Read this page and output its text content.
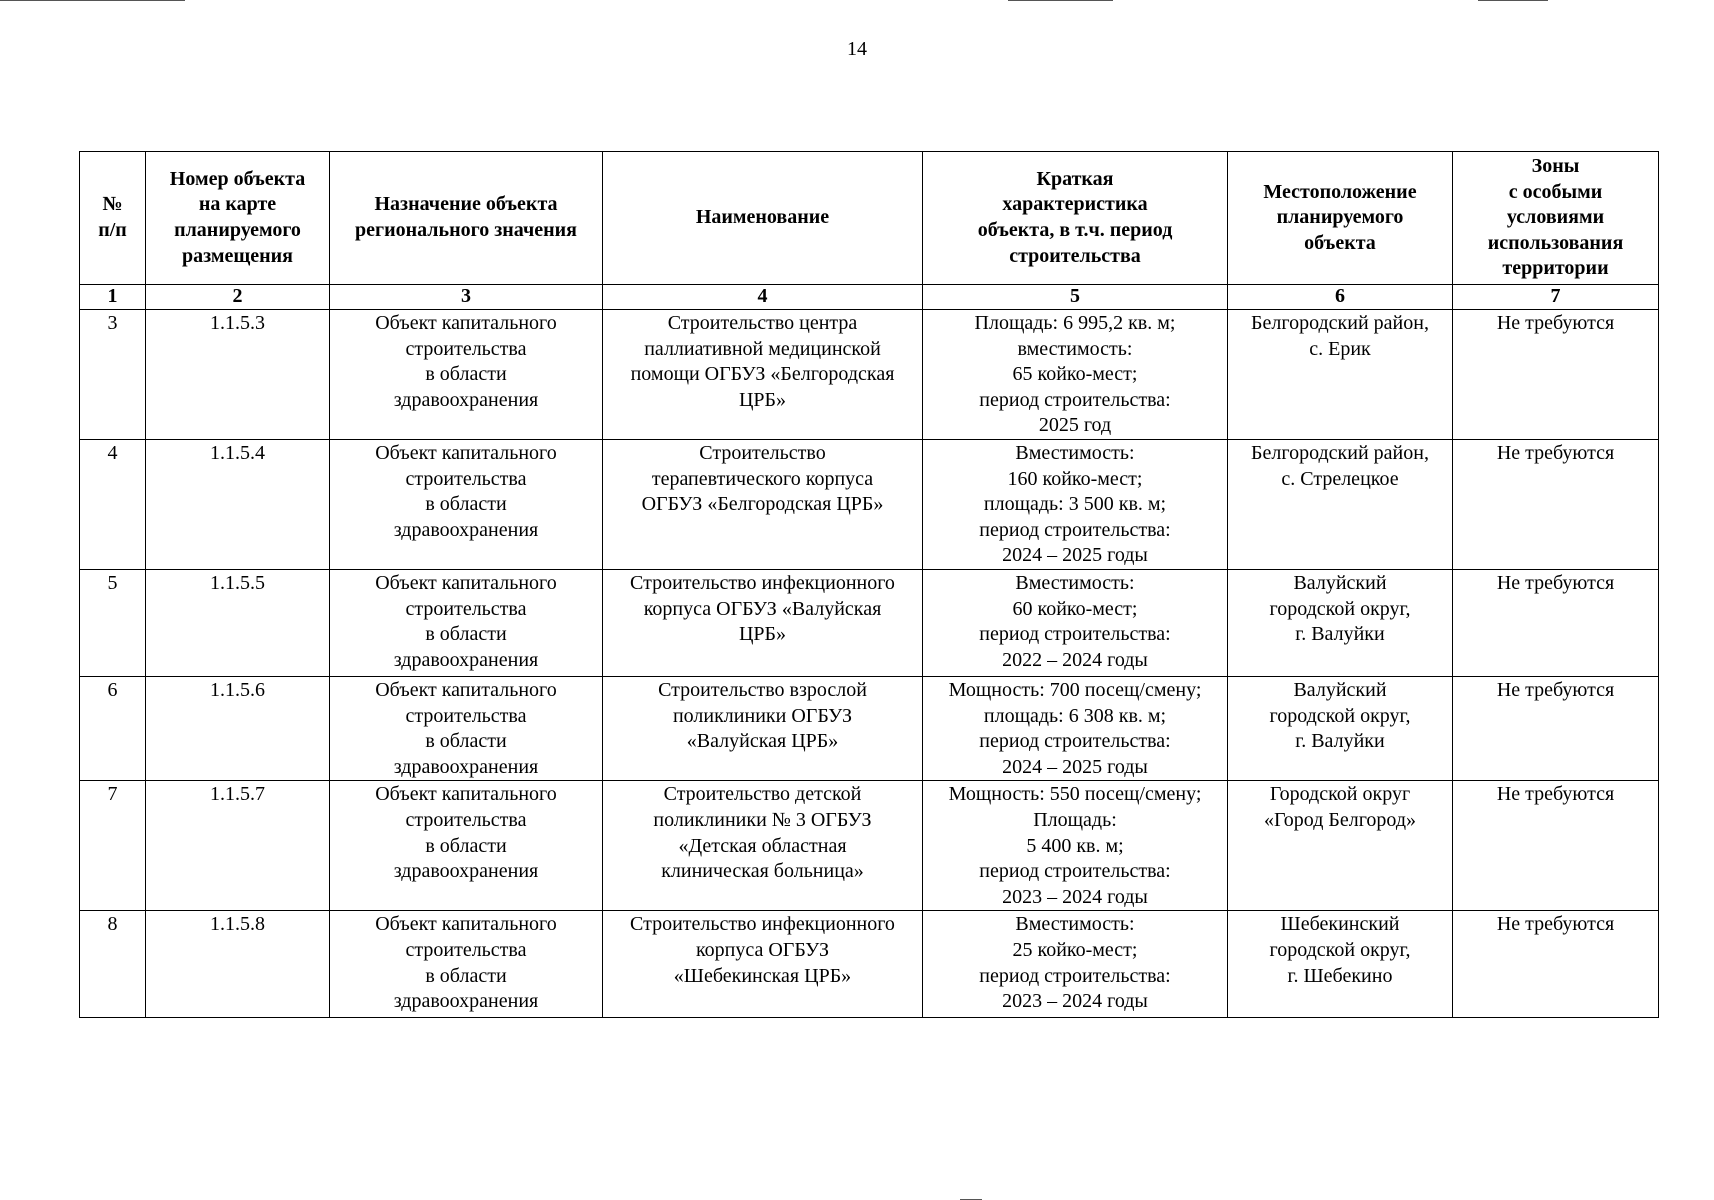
14
№
п/п	Номер объекта
на карте
планируемого
размещения	Назначение объекта
регионального значения	Наименование	Краткая
характеристика
объекта, в т.ч. период
строительства	Местоположение
планируемого
объекта	Зоны
с особыми
условиями
использования
территории
1	2	3	4	5	6	7
3	1.1.5.3	Объект капитального
строительства
в области
здравоохранения	Строительство центра
паллиативной медицинской
помощи ОГБУЗ «Белгородская
ЦРБ»	Площадь: 6 995,2 кв. м;
вместимость:
65 койко-мест;
период строительства:
2025 год	Белгородский район,
с. Ерик	Не требуются
4	1.1.5.4	Объект капитального
строительства
в области
здравоохранения	Строительство
терапевтического корпуса
ОГБУЗ «Белгородская ЦРБ»	Вместимость:
160 койко-мест;
площадь: 3 500 кв. м;
период строительства:
2024 – 2025 годы	Белгородский район,
с. Стрелецкое	Не требуются
5	1.1.5.5	Объект капитального
строительства
в области
здравоохранения	Строительство инфекционного
корпуса ОГБУЗ «Валуйская
ЦРБ»	Вместимость:
60 койко-мест;
период строительства:
2022 – 2024 годы	Валуйский
городской округ,
г. Валуйки	Не требуются
6	1.1.5.6	Объект капитального
строительства
в области
здравоохранения	Строительство взрослой
поликлиники ОГБУЗ
«Валуйская ЦРБ»	Мощность: 700 посещ/смену;
площадь: 6 308 кв. м;
период строительства:
2024 – 2025 годы	Валуйский
городской округ,
г. Валуйки	Не требуются
7	1.1.5.7	Объект капитального
строительства
в области
здравоохранения	Строительство детской
поликлиники № 3 ОГБУЗ
«Детская областная
клиническая больница»	Мощность: 550 посещ/смену;
Площадь:
5 400 кв. м;
период строительства:
2023 – 2024 годы	Городской округ
«Город Белгород»	Не требуются
8	1.1.5.8	Объект капитального
строительства
в области
здравоохранения	Строительство инфекционного
корпуса ОГБУЗ
«Шебекинская ЦРБ»	Вместимость:
25 койко-мест;
период строительства:
2023 – 2024 годы	Шебекинский
городской округ,
г. Шебекино	Не требуются
